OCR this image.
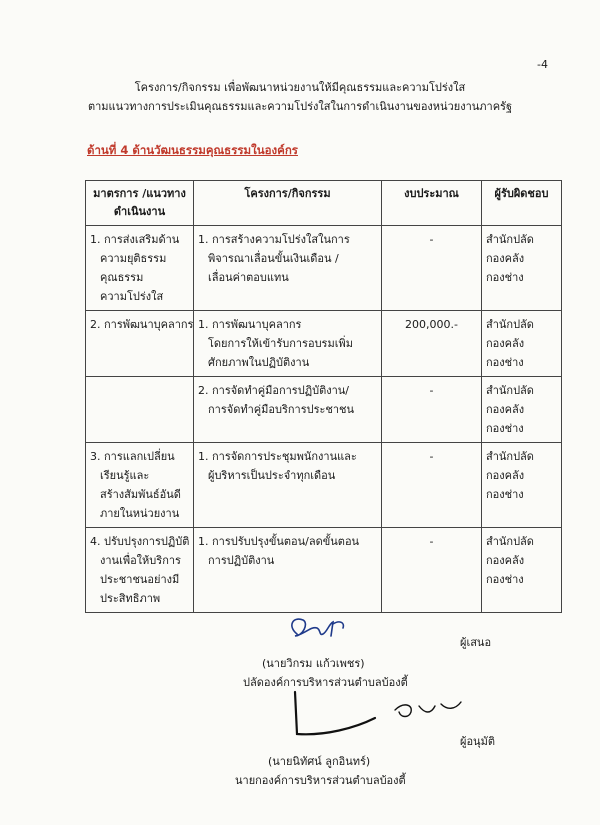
-4
โครงการ/กิจกรรม เพื่อพัฒนาหน่วยงานให้มีคุณธรรมและความโปร่งใส
ตามแนวทางการประเมินคุณธรรมและความโปร่งใสในการดำเนินงานของหน่วยงานภาครัฐ
ด้านที่ 4 ด้านวัฒนธรรมคุณธรรมในองค์กร
มาตรการ /แนวทาง
ดำเนินงาน	โครงการ/กิจกรรม	งบประมาณ	ผู้รับผิดชอบ

1. การส่งเสริมด้าน
ความยุติธรรม
คุณธรรม
ความโปร่งใส	1. การสร้างความโปร่งใสในการ
พิจารณาเลื่อนขั้นเงินเดือน /
เลื่อนค่าตอบแทน	-	สำนักปลัด
กองคลัง
กองช่าง

2. การพัฒนาบุคลากร	1. การพัฒนาบุคลากร
โดยการให้เข้ารับการอบรมเพิ่ม
ศักยภาพในปฏิบัติงาน	200,000.-	สำนักปลัด
กองคลัง
กองช่าง

	2. การจัดทำคู่มือการปฏิบัติงาน/
การจัดทำคู่มือบริการประชาชน	-	สำนักปลัด
กองคลัง
กองช่าง

3. การแลกเปลี่ยน
เรียนรู้และ
สร้างสัมพันธ์อันดี
ภายในหน่วยงาน	1. การจัดการประชุมพนักงานและ
ผู้บริหารเป็นประจำทุกเดือน	-	สำนักปลัด
กองคลัง
กองช่าง

4. ปรับปรุงการปฏิบัติ
งานเพื่อให้บริการ
ประชาชนอย่างมี
ประสิทธิภาพ	1. การปรับปรุงขั้นตอน/ลดขั้นตอน
การปฏิบัติงาน	-	สำนักปลัด
กองคลัง
กองช่าง
ผู้เสนอ
(นายวิกรม แก้วเพชร)
ปลัดองค์การบริหารส่วนตำบลบ้องตี้
ผู้อนุมัติ
(นายนิทัศน์ ลูกอินทร์)
นายกองค์การบริหารส่วนตำบลบ้องตี้
